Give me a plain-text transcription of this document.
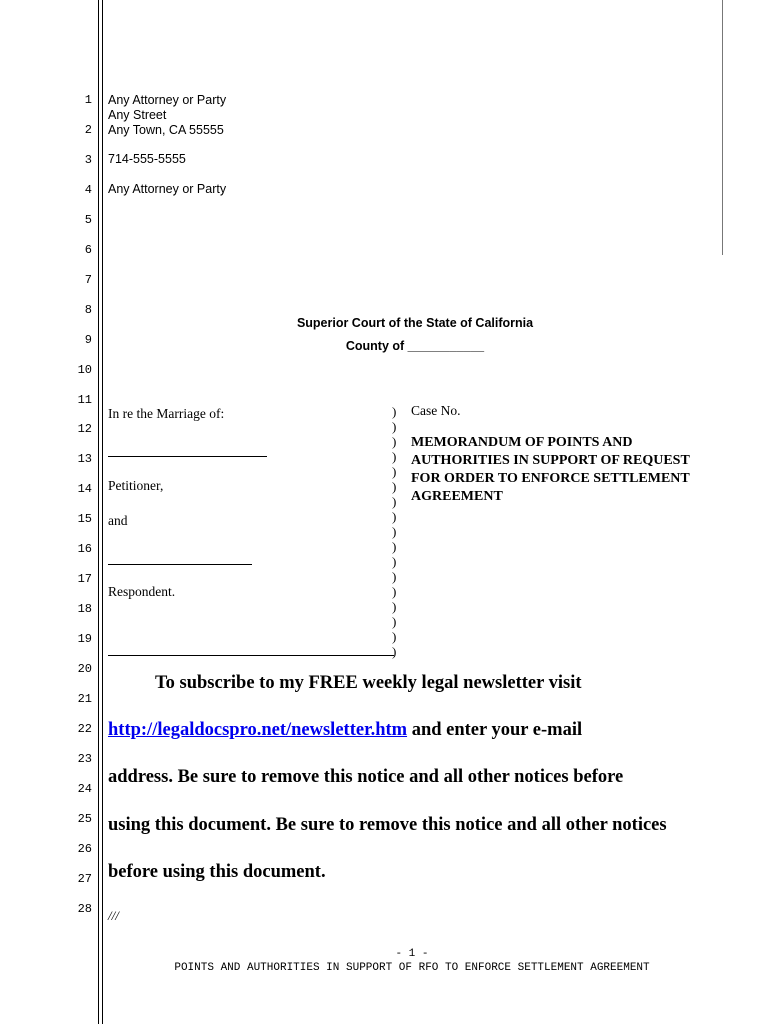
1
2
3
4
5
6
7
8
9
10
11
12
13
14
15
16
17
18
19
20
21
22
23
24
25
26
27
28
Any Attorney or Party
Any Street
Any Town, CA 55555
714-555-5555
Any Attorney or Party
Superior Court of the State of California
County of ___________
In re the Marriage of:
Petitioner,
and
Respondent.
)
)
)
)
)
)
)
)
)
)
)
)
)
)
)
)
)
Case No.
MEMORANDUM OF POINTS AND AUTHORITIES IN SUPPORT OF REQUEST FOR ORDER TO ENFORCE SETTLEMENT AGREEMENT
To subscribe to my FREE weekly legal newsletter visit
http://legaldocspro.net/newsletter.htm and enter your e-mail
address. Be sure to remove this notice and all other notices before
using this document. Be sure to remove this notice and all other notices
before using this document.
///
- 1 -
POINTS AND AUTHORITIES IN SUPPORT OF RFO TO ENFORCE SETTLEMENT AGREEMENT
